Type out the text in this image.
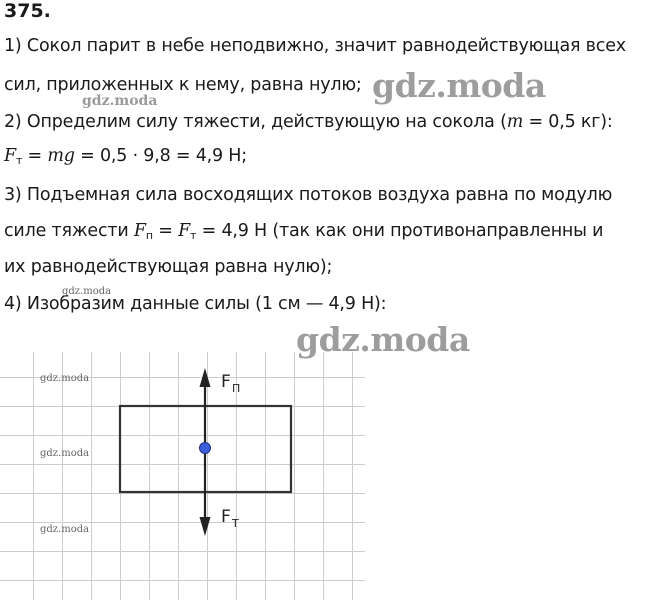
375.
1) Сокол парит в небе неподвижно, значит равнодействующая всех
сил, приложенных к нему, равна нулю;
2) Определим силу тяжести, действующую на сокола (m = 0,5 кг):
$F_т$ = mg = 0,5 · 9,8 = 4,9 Н;
3) Подъемная сила восходящих потоков воздуха равна по модулю
силе тяжести $F_п = F_т = 4,9$ Н (так как они противонаправленны и
их равнодействующая равна нулю);
4) Изобразим данные силы (1 см — 4,9 Н):
F П
F Т
gdz.moda
gdz.moda
gdz.moda
gdz.moda
gdz.moda
gdz.moda
gdz.moda
